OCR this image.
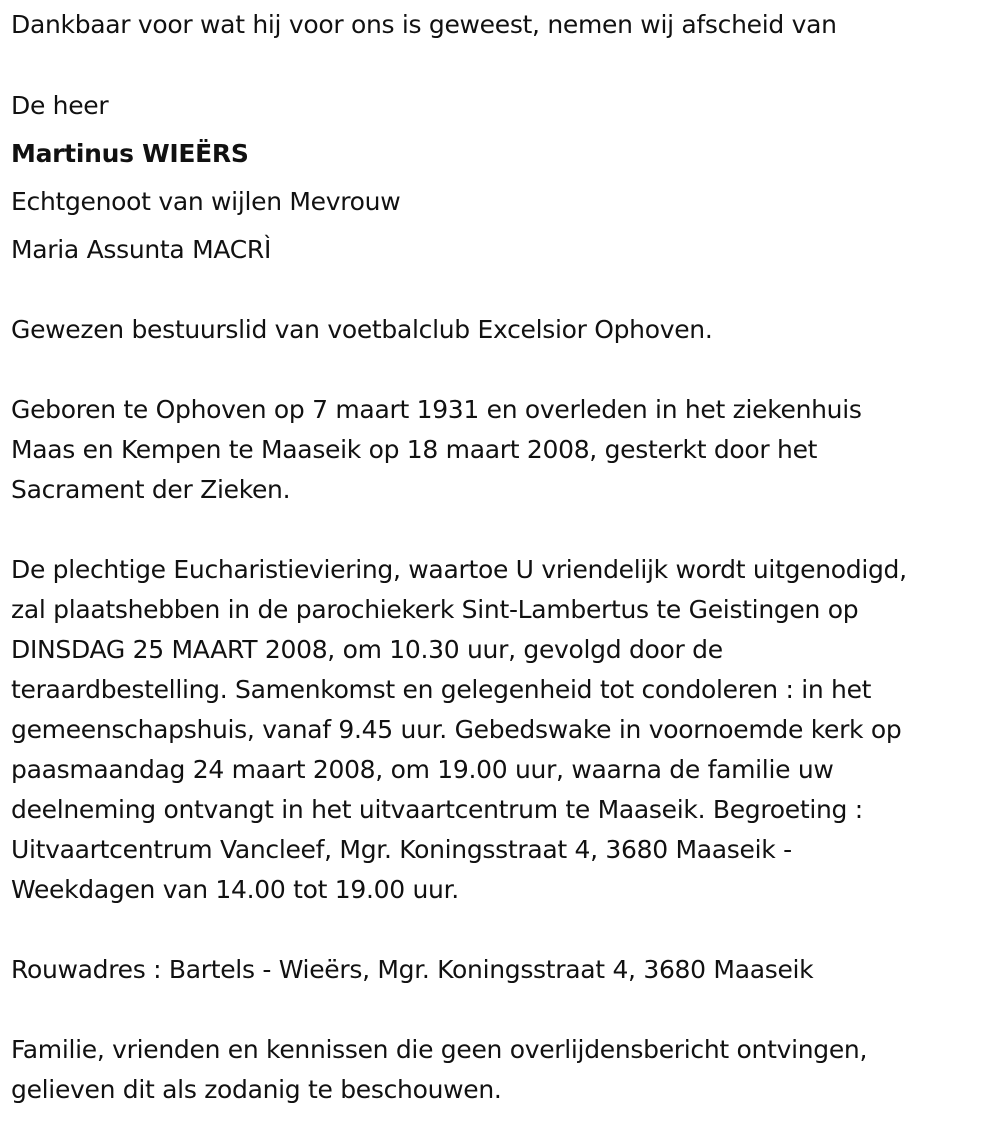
Dankbaar voor wat hij voor ons is geweest, nemen wij afscheid van

De heer

Martinus WIEËRS

Echtgenoot van wijlen Mevrouw

Maria Assunta MACRÌ

Gewezen bestuurslid van voetbalclub Excelsior Ophoven.

Geboren te Ophoven op 7 maart 1931 en overleden in het ziekenhuis

Maas en Kempen te Maaseik op 18 maart 2008, gesterkt door het

Sacrament der Zieken.

De plechtige Eucharistieviering, waartoe U vriendelijk wordt uitgenodigd,

zal plaatshebben in de parochiekerk Sint-Lambertus te Geistingen op

DINSDAG 25 MAART 2008, om 10.30 uur, gevolgd door de

teraardbestelling. Samenkomst en gelegenheid tot condoleren : in het

gemeenschapshuis, vanaf 9.45 uur. Gebedswake in voornoemde kerk op

paasmaandag 24 maart 2008, om 19.00 uur, waarna de familie uw

deelneming ontvangt in het uitvaartcentrum te Maaseik. Begroeting :

Uitvaartcentrum Vancleef, Mgr. Koningsstraat 4, 3680 Maaseik -

Weekdagen van 14.00 tot 19.00 uur.

Rouwadres : Bartels - Wieërs, Mgr. Koningsstraat 4, 3680 Maaseik

Familie, vrienden en kennissen die geen overlijdensbericht ontvingen,

gelieven dit als zodanig te beschouwen.
